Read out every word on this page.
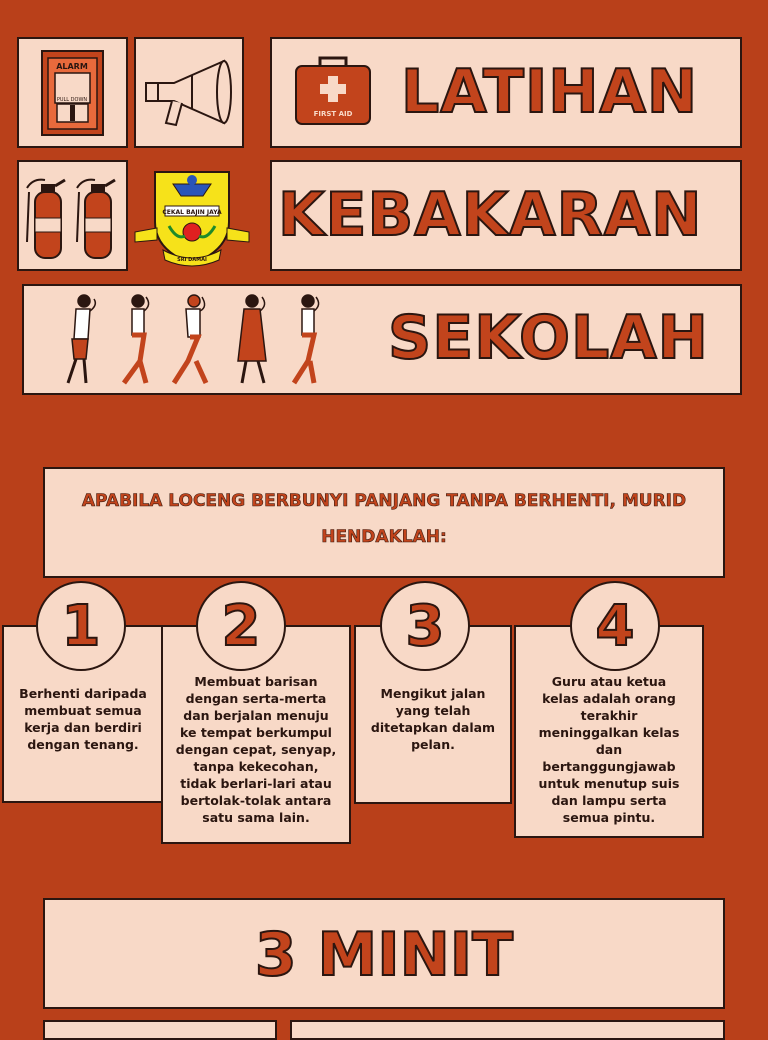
ALARM
PULL DOWN
FIRST AID LATIHAN
CEKAL BAJIN JAYA
SRI DAMAI
KEBAKARAN
SEKOLAH
APABILA LOCENG BERBUNYI PANJANG TANPA BERHENTI, MURID HENDAKLAH:
Berhenti daripada membuat semua kerja dan berdiri dengan tenang.
1
Membuat barisan dengan serta-merta dan berjalan menuju ke tempat berkumpul dengan cepat, senyap, tanpa kekecohan, tidak berlari-lari atau bertolak-tolak antara satu sama lain.
2
Mengikut jalan yang telah ditetapkan dalam pelan.
3
Guru atau ketua kelas adalah orang terakhir meninggalkan kelas dan bertanggungjawab untuk menutup suis dan lampu serta semua pintu.
4
3 MINIT
